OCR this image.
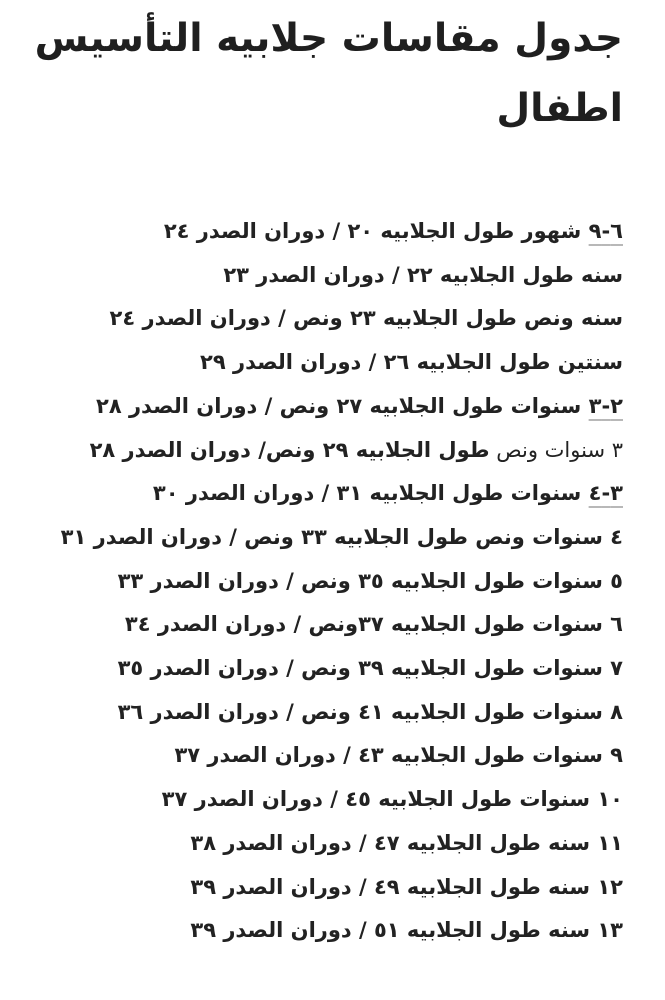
جدول مقاسات جلابيه التأسيس اطفال
٦-٩ شهور طول الجلابيه ٢٠ / دوران الصدر ٢٤
سنه طول الجلابيه ٢٢ / دوران الصدر ٢٣
سنه ونص طول الجلابيه ٢٣ ونص / دوران الصدر ٢٤
سنتين طول الجلابيه ٢٦ / دوران الصدر ٢٩
٢-٣ سنوات طول الجلابيه ٢٧ ونص / دوران الصدر ٢٨
٣ سنوات ونص طول الجلابيه ٢٩ ونص/ دوران الصدر ٢٨
٣-٤ سنوات طول الجلابيه ٣١ / دوران الصدر ٣٠
٤ سنوات ونص طول الجلابيه ٣٣ ونص / دوران الصدر ٣١
٥ سنوات طول الجلابيه ٣٥ ونص / دوران الصدر ٣٣
٦ سنوات طول الجلابيه ٣٧ونص / دوران الصدر ٣٤
٧ سنوات طول الجلابيه ٣٩ ونص / دوران الصدر ٣٥
٨ سنوات طول الجلابيه ٤١ ونص / دوران الصدر ٣٦
٩ سنوات طول الجلابيه ٤٣ / دوران الصدر ٣٧
١٠ سنوات طول الجلابيه ٤٥ / دوران الصدر ٣٧
١١ سنه طول الجلابيه ٤٧ / دوران الصدر ٣٨
١٢ سنه طول الجلابيه ٤٩ / دوران الصدر ٣٩
١٣ سنه طول الجلابيه ٥١ / دوران الصدر ٣٩
